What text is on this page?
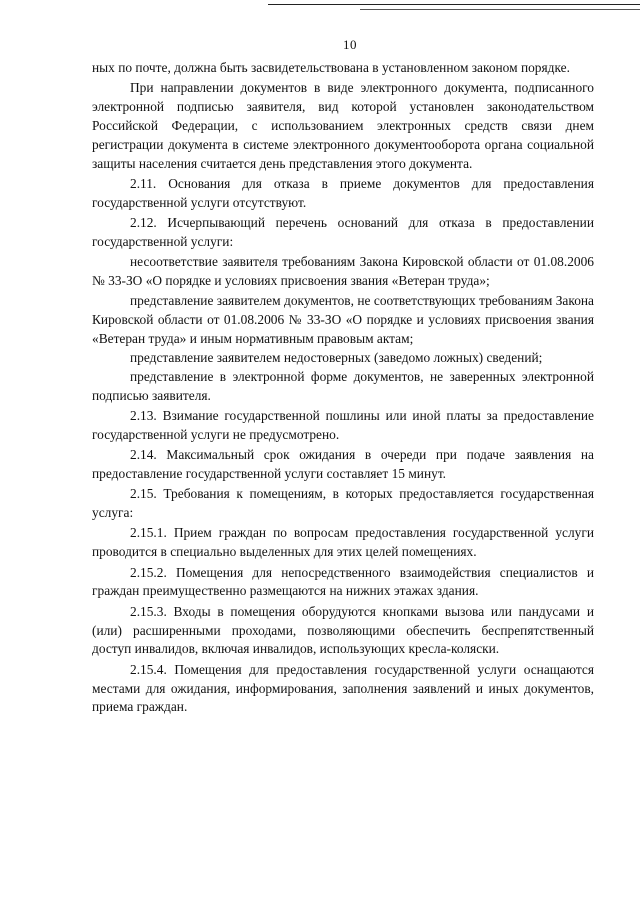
10

ных по почте, должна быть засвидетельствована в установленном законом порядке.

При направлении документов в виде электронного документа, подписанного электронной подписью заявителя, вид которой установлен законодательством Российской Федерации, с использованием электронных средств связи днем регистрации документа в системе электронного документооборота органа социальной защиты населения считается день представления этого документа.

2.11. Основания для отказа в приеме документов для предоставления государственной услуги отсутствуют.

2.12. Исчерпывающий перечень оснований для отказа в предоставлении государственной услуги:

несоответствие заявителя требованиям Закона Кировской области от 01.08.2006 № 33-ЗО «О порядке и условиях присвоения звания «Ветеран труда»;

представление заявителем документов, не соответствующих требованиям Закона Кировской области от 01.08.2006 № 33-ЗО «О порядке и условиях присвоения звания «Ветеран труда» и иным нормативным правовым актам;

представление заявителем недостоверных (заведомо ложных) сведений;

представление в электронной форме документов, не заверенных электронной подписью заявителя.

2.13. Взимание государственной пошлины или иной платы за предоставление государственной услуги не предусмотрено.

2.14. Максимальный срок ожидания в очереди при подаче заявления на предоставление государственной услуги составляет 15 минут.

2.15. Требования к помещениям, в которых предоставляется государственная услуга:

2.15.1. Прием граждан по вопросам предоставления государственной услуги проводится в специально выделенных для этих целей помещениях.

2.15.2. Помещения для непосредственного взаимодействия специалистов и граждан преимущественно размещаются на нижних этажах здания.

2.15.3. Входы в помещения оборудуются кнопками вызова или пандусами и (или) расширенными проходами, позволяющими обеспечить беспрепятственный доступ инвалидов, включая инвалидов, использующих кресла-коляски.

2.15.4. Помещения для предоставления государственной услуги оснащаются местами для ожидания, информирования, заполнения заявлений и иных документов, приема граждан.
